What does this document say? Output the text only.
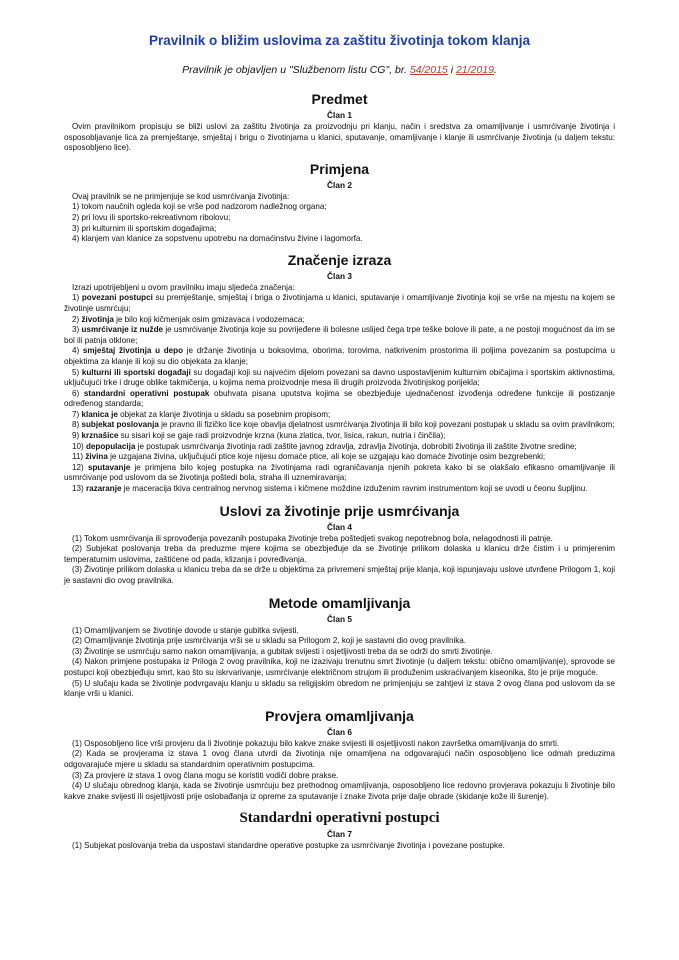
Pravilnik o bližim uslovima za zaštitu životinja tokom klanja
Pravilnik je objavljen u "Službenom listu CG", br. 54/2015 i 21/2019.
Predmet
Član 1

Ovim pravilnikom propisuju se bliži uslovi za zaštitu životinja za proizvodnju pri klanju, način i sredstva za omamljivanje i usmrćivanje životinja i osposobljavanje lica za premještanje, smještaj i brigu o životinjama u klanici, sputavanje, omamljivanje i klanje ili usmrćivanje životinja (u daljem tekstu: osposobljeno lice).

Primjena
Član 2

Ovaj pravilnik se ne primjenjuje se kod usmrćivanja životinja:

1) tokom naučnih ogleda koji se vrše pod nadzorom nadležnog organa;

2) pri lovu ili sportsko-rekreativnom ribolovu;

3) pri kulturnim ili sportskim događajima;

4) klanjem van klanice za sopstvenu upotrebu na domaćinstvu živine i lagomorfa.

Značenje izraza
Član 3

Izrazi upotrijebljeni u ovom pravilniku imaju sljedeća značenja:

1) povezani postupci su premještanje, smještaj i briga o životinjama u klanici, sputavanje i omamljivanje životinja koji se vrše na mjestu na kojem se životinje usmrćuju;

2) životinja je bilo koji kičmenjak osim gmizavaca i vodozemaca;

3) usmrćivanje iz nužde je usmrćivanje životinja koje su povrijeđene ili bolesne uslijed čega trpe teške bolove ili pate, a ne postoji mogućnost da im se bol ili patnja otklone;

4) smještaj životinja u depo je držanje životinja u boksovima, oborima, torovima, natkrivenim prostorima ili poljima povezanim sa postupcima u objektima za klanje ili koji su dio objekata za klanje;

5) kulturni ili sportski događaji su događaji koji su najvećim dijelom povezani sa davno uspostavljenim kulturnim običajima i sportskim aktivnostima, uključujući trke i druge oblike takmičenja, u kojima nema proizvodnje mesa ili drugih proizvoda životinjskog porijekla;

6) standardni operativni postupak obuhvata pisana uputstva kojima se obezbjeđuje ujednačenost izvođenja određene funkcije ili postizanje određenog standarda;

7) klanica je objekat za klanje životinja u skladu sa posebnim propisom;

8) subjekat poslovanja je pravno ili fizičko lice koje obavlja djelatnost usmrćivanja životinja ili bilo koji povezani postupak u skladu sa ovim pravilnikom;

9) krznašice su sisari koji se gaje radi proizvodnje krzna (kuna zlatica, tvor, lisica, rakun, nutria i činčila);

10) depopulacija je postupak usmrćivanja životinja radi zaštite javnog zdravlja, zdravlja životinja, dobrobiti životinja ili zaštite životne sredine;

11) živina je uzgajana živina, uključujući ptice koje nijesu domaće ptice, ali koje se uzgajaju kao domaće životinje osim bezgrebenki;

12) sputavanje je primjena bilo kojeg postupka na životinjama radi ograničavanja njenih pokreta kako bi se olakšalo efikasno omamljivanje ili usmrćivanje pod uslovom da se životinja poštedi bola, straha ili uznemiravanja;

13) razaranje je maceracija tkiva centralnog nervnog sistema i kičmene moždine izduženim ravnim instrumentom koji se uvodi u čeonu šupljinu.

Uslovi za životinje prije usmrćivanja
Član 4

(1) Tokom usmrćivanja ili sprovođenja povezanih postupaka životinje treba poštedjeti svakog nepotrebnog bola, nelagodnosti ili patnje.

(2) Subjekat poslovanja treba da preduzme mjere kojima se obezbjeđuje da se životinje prilikom dolaska u klanicu drže čistim i u primjerenim temperaturnim uslovima, zaštićene od pada, klizanja i povređivanja.

(3) Životinje prilikom dolaska u klanicu treba da se drže u objektima za privremeni smještaj prije klanja, koji ispunjavaju uslove utvrđene Prilogom 1, koji je sastavni dio ovog pravilnika.

Metode omamljivanja
Član 5

(1) Omamljivanjem se životinje dovode u stanje gubitka svijesti.

(2) Omamljivanje životinja prije usmrćivanja vrši se u skladu sa Prilogom 2, koji je sastavni dio ovog pravilnika.

(3) Životinje se usmrćuju samo nakon omamljivanja, a gubitak svijesti i osjetljivosti treba da se održi do smrti životinje.

(4) Nakon primjene postupaka iz Priloga 2 ovog pravilnika, koji ne izazivaju trenutnu smrt životinje (u daljem tekstu: obično omamljivanje), sprovode se postupci koji obezbjeđuju smrt, kao što su iskrvarivanje, usmrćivanje električnom strujom ili produženim uskraćivanjem kiseonika, što je prije moguće.

(5) U slučaju kada se životinje podvrgavaju klanju u skladu sa religijskim obredom ne primjenjuju se zahtjevi iz stava 2 ovog člana pod uslovom da se klanje vrši u klanici.

Provjera omamljivanja
Član 6

(1) Osposobljeno lice vrši provjeru da li životinje pokazuju bilo kakve znake svijesti ili osjetljivosti nakon završetka omamljivanja do smrti.

(2) Kada se provjerama iz stava 1 ovog člana utvrdi da životinja nije omamljena na odgovarajući način osposobljeno lice odmah preduzima odgovarajuće mjere u skladu sa standardnim operativnim postupcima.

(3) Za provjere iz stava 1 ovog člana mogu se koristiti vodiči dobre prakse.

(4) U slučaju obrednog klanja, kada se životinje usmrćuju bez prethodnog omamljivanja, osposobljeno lice redovno provjerava pokazuju li životinje bilo kakve znake svijesti ili osjetljivosti prije oslobađanja iz opreme za sputavanje i znake života prije dalje obrade (skidanje kože ili šurenje).

Standardni operativni postupci
Član 7

(1) Subjekat poslovanja treba da uspostavi standardne operative postupke za usmrćivanje životinja i povezane postupke.
